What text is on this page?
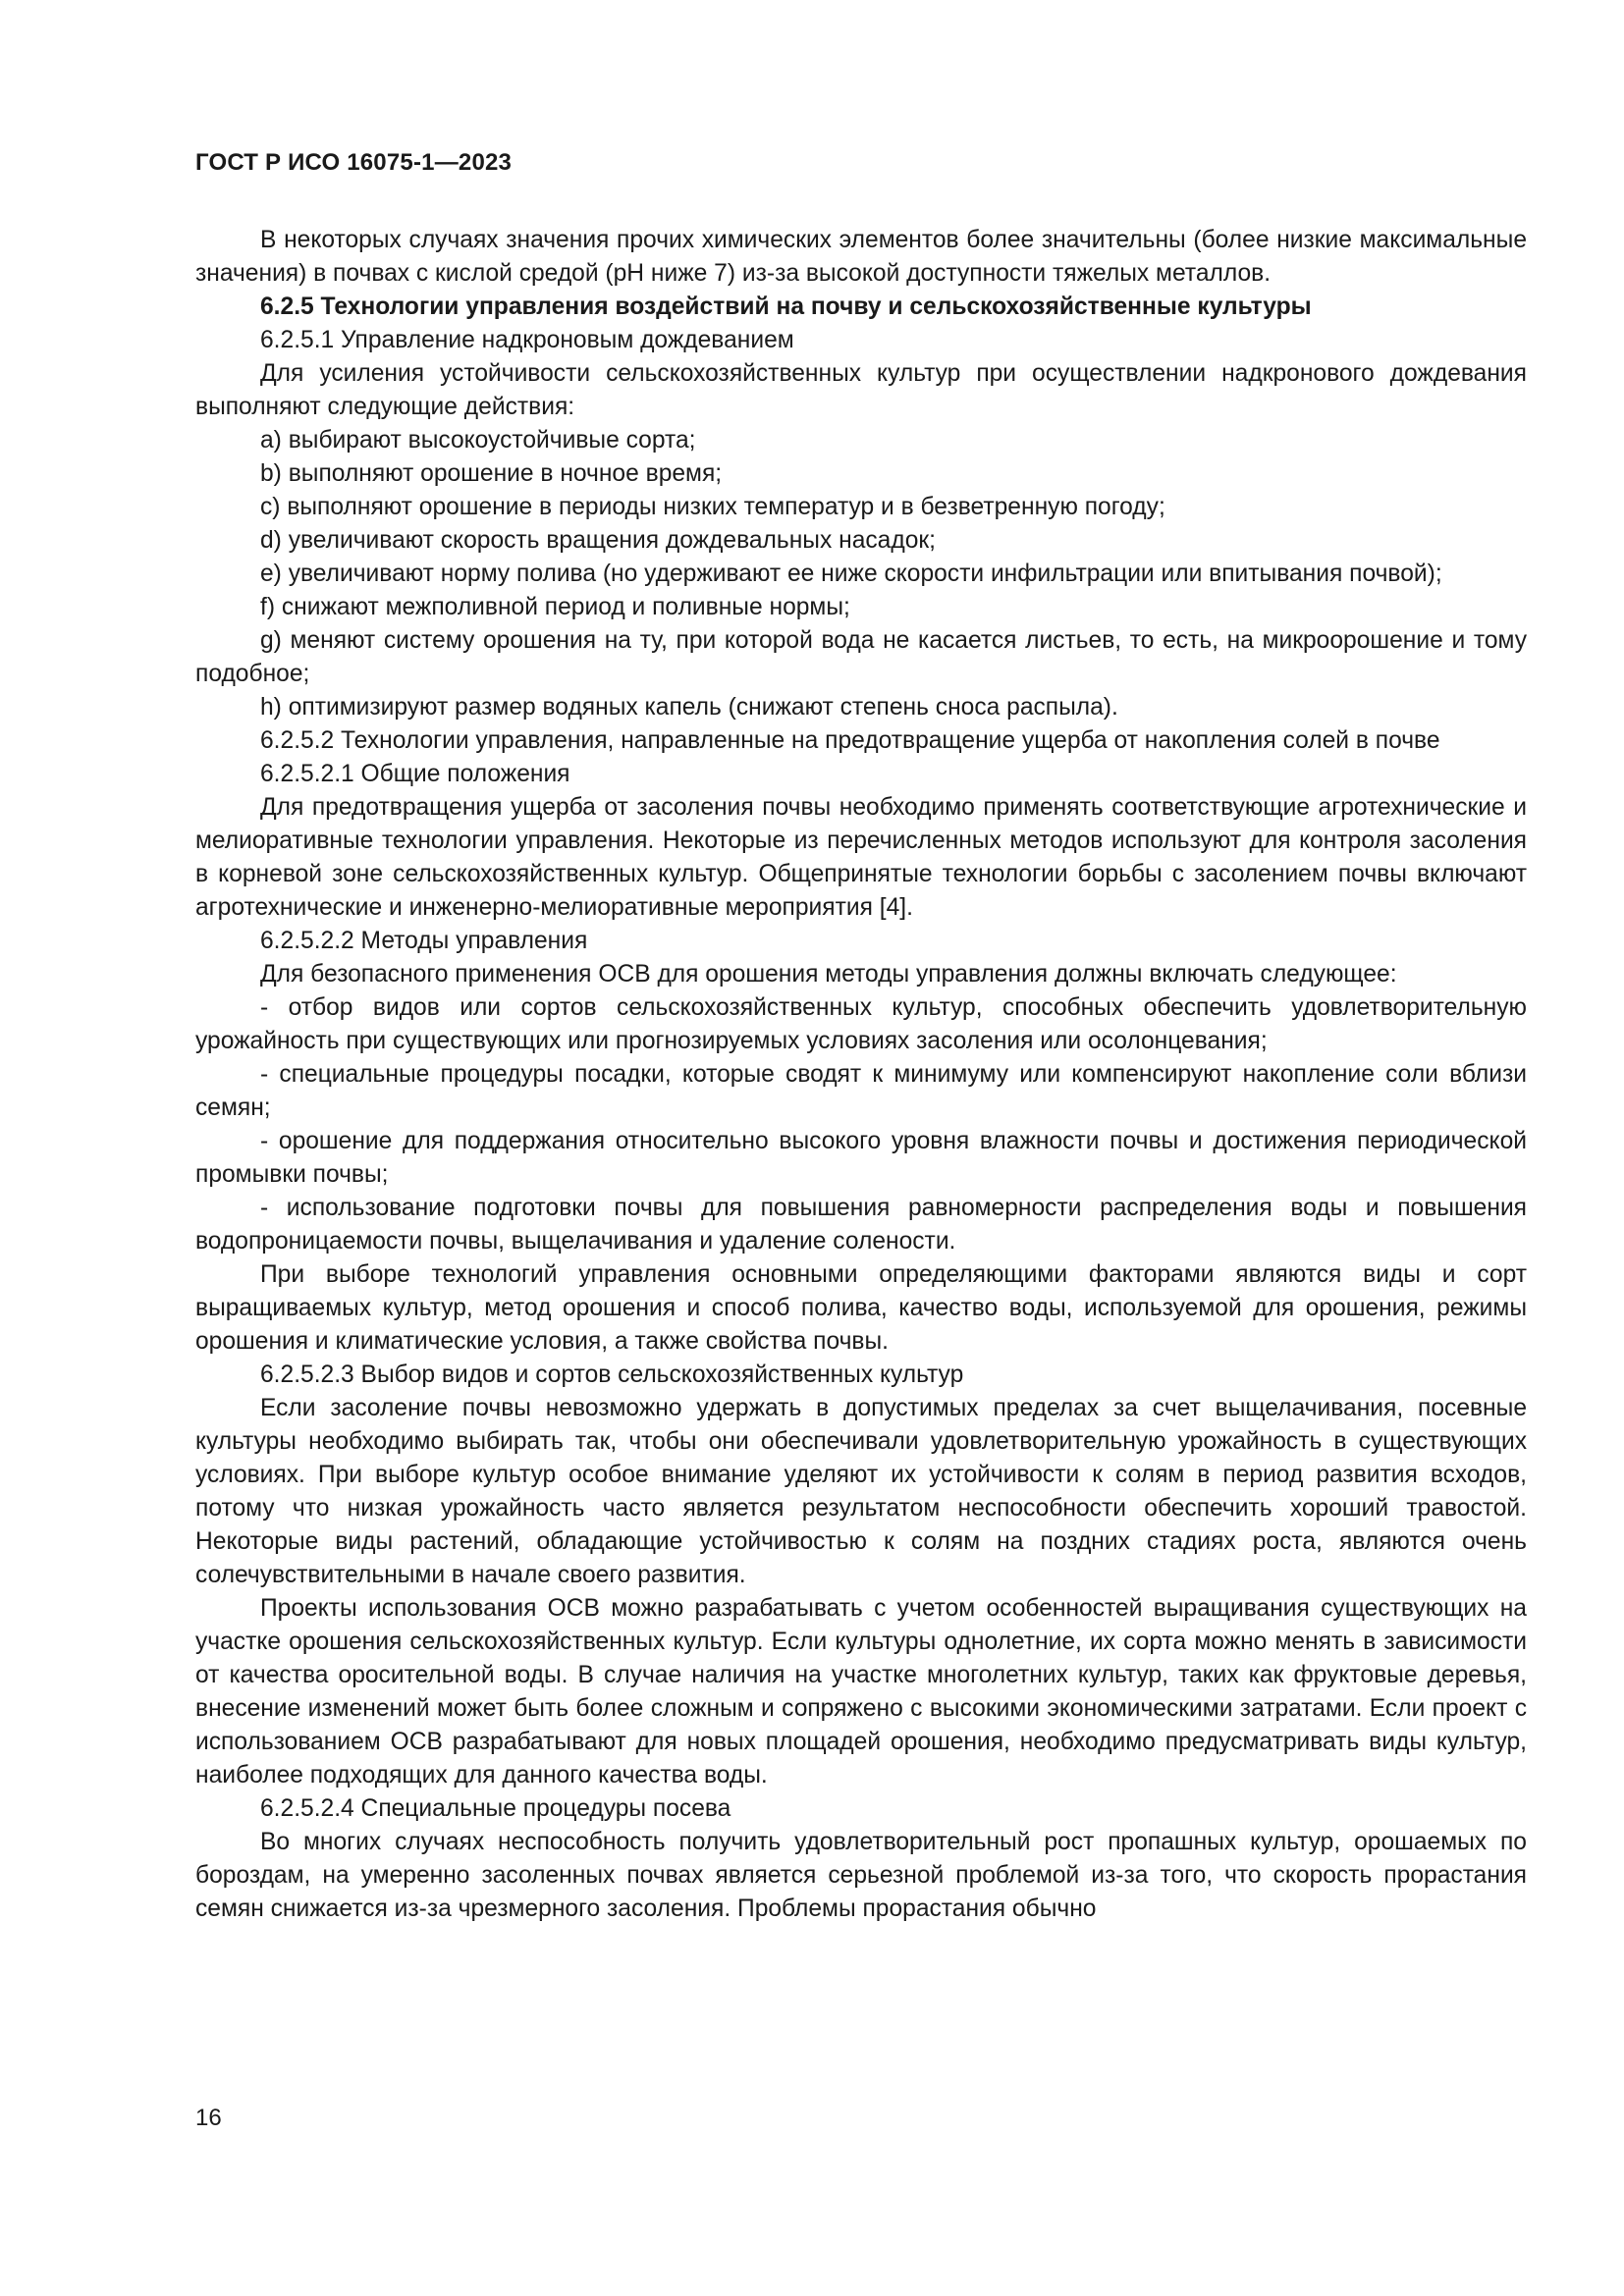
ГОСТ Р ИСО 16075-1—2023

В некоторых случаях значения прочих химических элементов более значительны (более низкие максимальные значения) в почвах с кислой средой (pH ниже 7) из-за высокой доступности тяжелых металлов.

6.2.5 Технологии управления воздействий на почву и сельскохозяйственные культуры

6.2.5.1 Управление надкроновым дождеванием

Для усиления устойчивости сельскохозяйственных культур при осуществлении надкронового дождевания выполняют следующие действия:

a) выбирают высокоустойчивые сорта;

b) выполняют орошение в ночное время;

c) выполняют орошение в периоды низких температур и в безветренную погоду;

d) увеличивают скорость вращения дождевальных насадок;

e) увеличивают норму полива (но удерживают ее ниже скорости инфильтрации или впитывания почвой);

f) снижают межполивной период и поливные нормы;

g) меняют систему орошения на ту, при которой вода не касается листьев, то есть, на микроорошение и тому подобное;

h) оптимизируют размер водяных капель (снижают степень сноса распыла).

6.2.5.2 Технологии управления, направленные на предотвращение ущерба от накопления солей в почве

6.2.5.2.1 Общие положения

Для предотвращения ущерба от засоления почвы необходимо применять соответствующие агротехнические и мелиоративные технологии управления. Некоторые из перечисленных методов используют для контроля засоления в корневой зоне сельскохозяйственных культур. Общепринятые технологии борьбы с засолением почвы включают агротехнические и инженерно-мелиоративные мероприятия [4].

6.2.5.2.2 Методы управления

Для безопасного применения ОСВ для орошения методы управления должны включать следующее:

- отбор видов или сортов сельскохозяйственных культур, способных обеспечить удовлетворительную урожайность при существующих или прогнозируемых условиях засоления или осолонцевания;

- специальные процедуры посадки, которые сводят к минимуму или компенсируют накопление соли вблизи семян;

- орошение для поддержания относительно высокого уровня влажности почвы и достижения периодической промывки почвы;

- использование подготовки почвы для повышения равномерности распределения воды и повышения водопроницаемости почвы, выщелачивания и удаление солености.

При выборе технологий управления основными определяющими факторами являются виды и сорт выращиваемых культур, метод орошения и способ полива, качество воды, используемой для орошения, режимы орошения и климатические условия, а также свойства почвы.

6.2.5.2.3 Выбор видов и сортов сельскохозяйственных культур

Если засоление почвы невозможно удержать в допустимых пределах за счет выщелачивания, посевные культуры необходимо выбирать так, чтобы они обеспечивали удовлетворительную урожайность в существующих условиях. При выборе культур особое внимание уделяют их устойчивости к солям в период развития всходов, потому что низкая урожайность часто является результатом неспособности обеспечить хороший травостой. Некоторые виды растений, обладающие устойчивостью к солям на поздних стадиях роста, являются очень солечувствительными в начале своего развития.

Проекты использования ОСВ можно разрабатывать с учетом особенностей выращивания существующих на участке орошения сельскохозяйственных культур. Если культуры однолетние, их сорта можно менять в зависимости от качества оросительной воды. В случае наличия на участке многолетних культур, таких как фруктовые деревья, внесение изменений может быть более сложным и сопряжено с высокими экономическими затратами. Если проект с использованием ОСВ разрабатывают для новых площадей орошения, необходимо предусматривать виды культур, наиболее подходящих для данного качества воды.

6.2.5.2.4 Специальные процедуры посева

Во многих случаях неспособность получить удовлетворительный рост пропашных культур, орошаемых по бороздам, на умеренно засоленных почвах является серьезной проблемой из-за того, что скорость прорастания семян снижается из-за чрезмерного засоления. Проблемы прорастания обычно

16
